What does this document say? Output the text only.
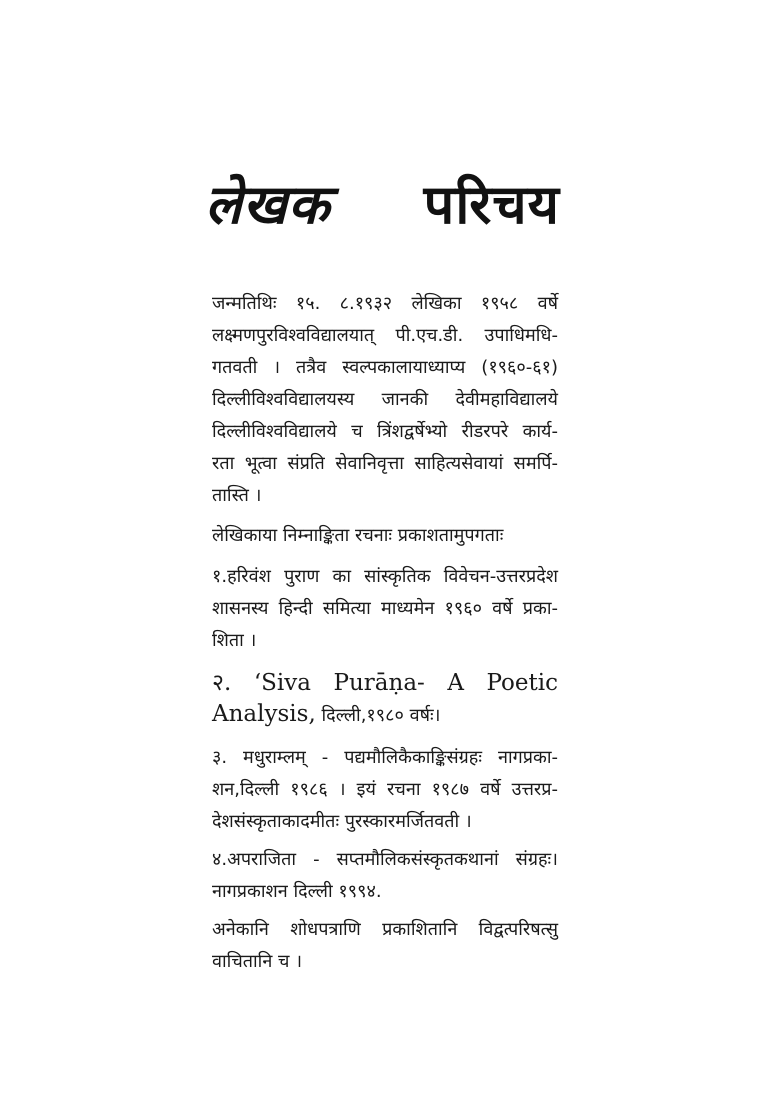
लेखक परिचय
जन्मतिथिः १५. ८.१९३२ लेखिका १९५८ वर्षे
लक्ष्मणपुरविश्वविद्यालयात् पी.एच.डी. उपाधिमधि-
गतवती । तत्रैव स्वल्पकालायाध्याप्य (१९६०-६१)
दिल्लीविश्वविद्यालयस्य जानकी देवीमहाविद्यालये
दिल्लीविश्वविद्यालये च त्रिंशद्वर्षेभ्यो रीडरपरे कार्य-
रता भूत्वा संप्रति सेवानिवृत्ता साहित्यसेवायां समर्पि-
तास्ति ।
लेखिकाया निम्नाङ्किता रचनाः प्रकाशतामुपगताः
१.हरिवंश पुराण का सांस्कृतिक विवेचन-उत्तरप्रदेश
शासनस्य हिन्दी समित्या माध्यमेन १९६० वर्षे प्रका-
शिता ।
२. ‘Siva Purāṇa- A Poetic
Analysis, दिल्ली,१९८० वर्षः।
३. मधुराम्लम् - पद्यमौलिकैकाङ्किसंग्रहः नागप्रका-
शन,दिल्ली १९८६ । इयं रचना १९८७ वर्षे उत्तरप्र-
देशसंस्कृताकादमीतः पुरस्कारमर्जितवती ।
४.अपराजिता - सप्तमौलिकसंस्कृतकथानां संग्रहः।
नागप्रकाशन दिल्ली १९९४.
अनेकानि शोधपत्राणि प्रकाशितानि विद्वत्परिषत्सु
वाचितानि च ।
